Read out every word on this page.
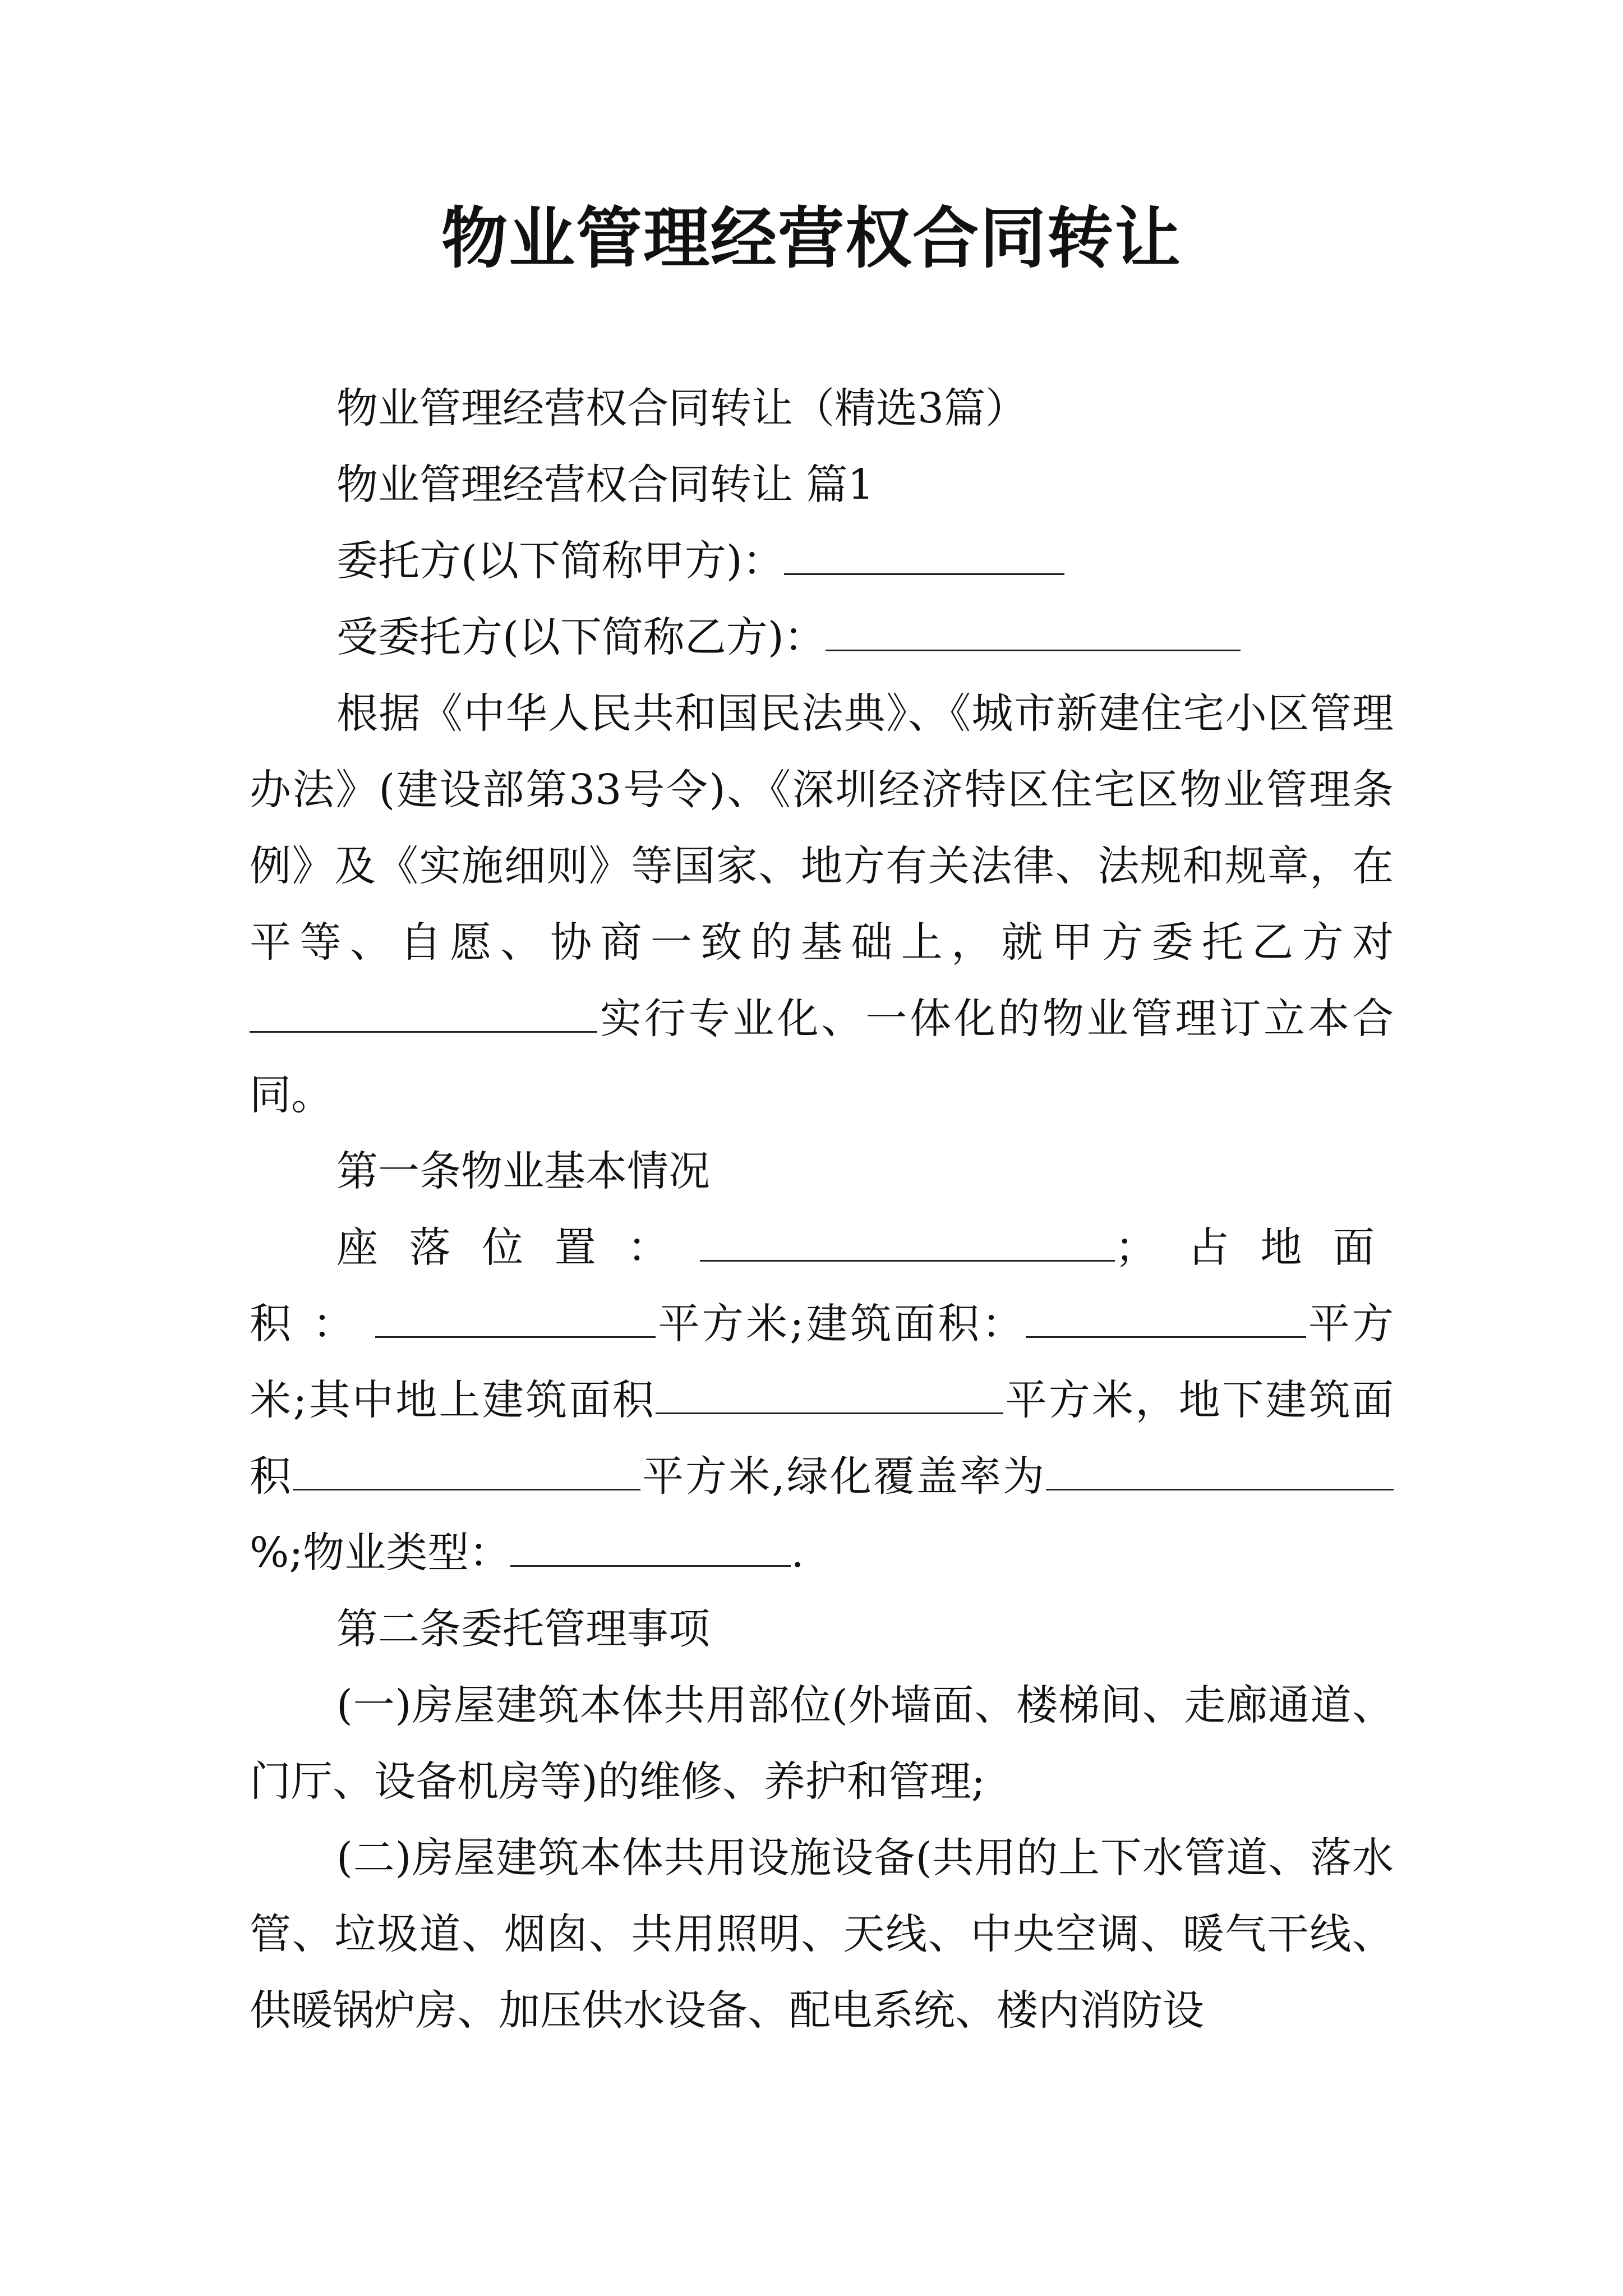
物业管理经营权合同转让

物业管理经营权合同转让（精选3篇）

物业管理经营权合同转让 篇1

委托方(以下简称甲方)：

受委托方(以下简称乙方)：

根据《中华人民共和国民法典》、《城市新建住宅小区管理办法》(建设部第33号令)、《深圳经济特区住宅区物业管理条例》及《实施细则》等国家、地方有关法律、法规和规章，在平等、自愿、协商一致的基础上，就甲方委托乙方对实行专业化、一体化的物业管理订立本合同。

第一条物业基本情况

座落位置：	；占地面积：	平方米;建筑面积：	平方米;其中地上建筑面积	平方米，地下建筑面积	平方米,绿化覆盖率为%;物业类型：	.

第二条委托管理事项

(一)房屋建筑本体共用部位(外墙面、楼梯间、走廊通道、门厅、设备机房等)的维修、养护和管理;

(二)房屋建筑本体共用设施设备(共用的上下水管道、落水管、垃圾道、烟囱、共用照明、天线、中央空调、暖气干线、供暖锅炉房、加压供水设备、配电系统、楼内消防设
